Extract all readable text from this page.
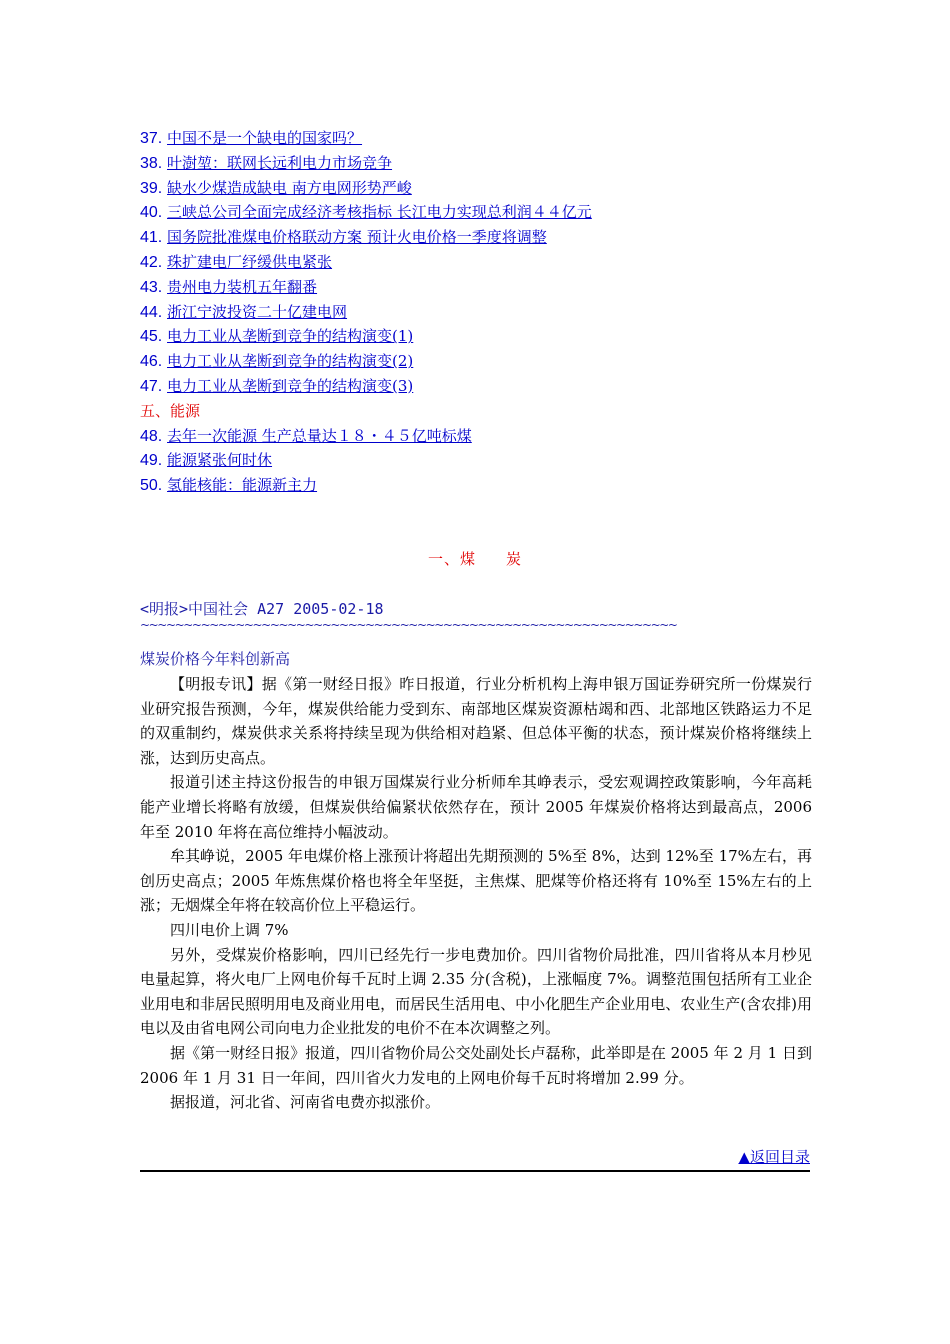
37. 中国不是一个缺电的国家吗？
38. 叶澍堃：联网长远利电力市场竞争
39. 缺水少煤造成缺电 南方电网形势严峻
40. 三峡总公司全面完成经济考核指标 长江电力实现总利润４４亿元
41. 国务院批准煤电价格联动方案 预计火电价格一季度将调整
42. 珠扩建电厂纾缓供电紧张
43. 贵州电力装机五年翻番
44. 浙江宁波投资二十亿建电网
45. 电力工业从垄断到竞争的结构演变(1)
46. 电力工业从垄断到竞争的结构演变(2)
47. 电力工业从垄断到竞争的结构演变(3)
五、能源
48. 去年一次能源 生产总量达１８・４５亿吨标煤
49. 能源紧张何时休
50. 氢能核能：能源新主力
一、煤 炭
<明报>中国社会 A27 2005-02-18
~~~~~~~~~~~~~~~~~~~~~~~~~~~~~~~~~~~~~~~~~~~~~~~~~~~~~~~~~~~~~~
煤炭价格今年料创新高

【明报专讯】据《第一财经日报》昨日报道，行业分析机构上海申银万国证券研究所一份煤炭行业研究报告预测，今年，煤炭供给能力受到东、南部地区煤炭资源枯竭和西、北部地区铁路运力不足的双重制约，煤炭供求关系将持续呈现为供给相对趋紧、但总体平衡的状态，预计煤炭价格将继续上涨，达到历史高点。

报道引述主持这份报告的申银万国煤炭行业分析师牟其峥表示，受宏观调控政策影响，今年高耗能产业增长将略有放缓，但煤炭供给偏紧状依然存在，预计 2005 年煤炭价格将达到最高点，2006 年至 2010 年将在高位维持小幅波动。

牟其峥说，2005 年电煤价格上涨预计将超出先期预测的 5%至 8%，达到 12%至 17%左右，再创历史高点；2005 年炼焦煤价格也将全年坚挺，主焦煤、肥煤等价格还将有 10%至 15%左右的上涨；无烟煤全年将在较高价位上平稳运行。

四川电价上调 7%

另外，受煤炭价格影响，四川已经先行一步电费加价。四川省物价局批准，四川省将从本月杪见电量起算，将火电厂上网电价每千瓦时上调 2.35 分(含税)，上涨幅度 7%。调整范围包括所有工业企业用电和非居民照明用电及商业用电，而居民生活用电、中小化肥生产企业用电、农业生产(含农排)用电以及由省电网公司向电力企业批发的电价不在本次调整之列。

据《第一财经日报》报道，四川省物价局公交处副处长卢磊称，此举即是在 2005 年 2 月 1 日到 2006 年 1 月 31 日一年间，四川省火力发电的上网电价每千瓦时将增加 2.99 分。

据报道，河北省、河南省电费亦拟涨价。

▲返回目录
